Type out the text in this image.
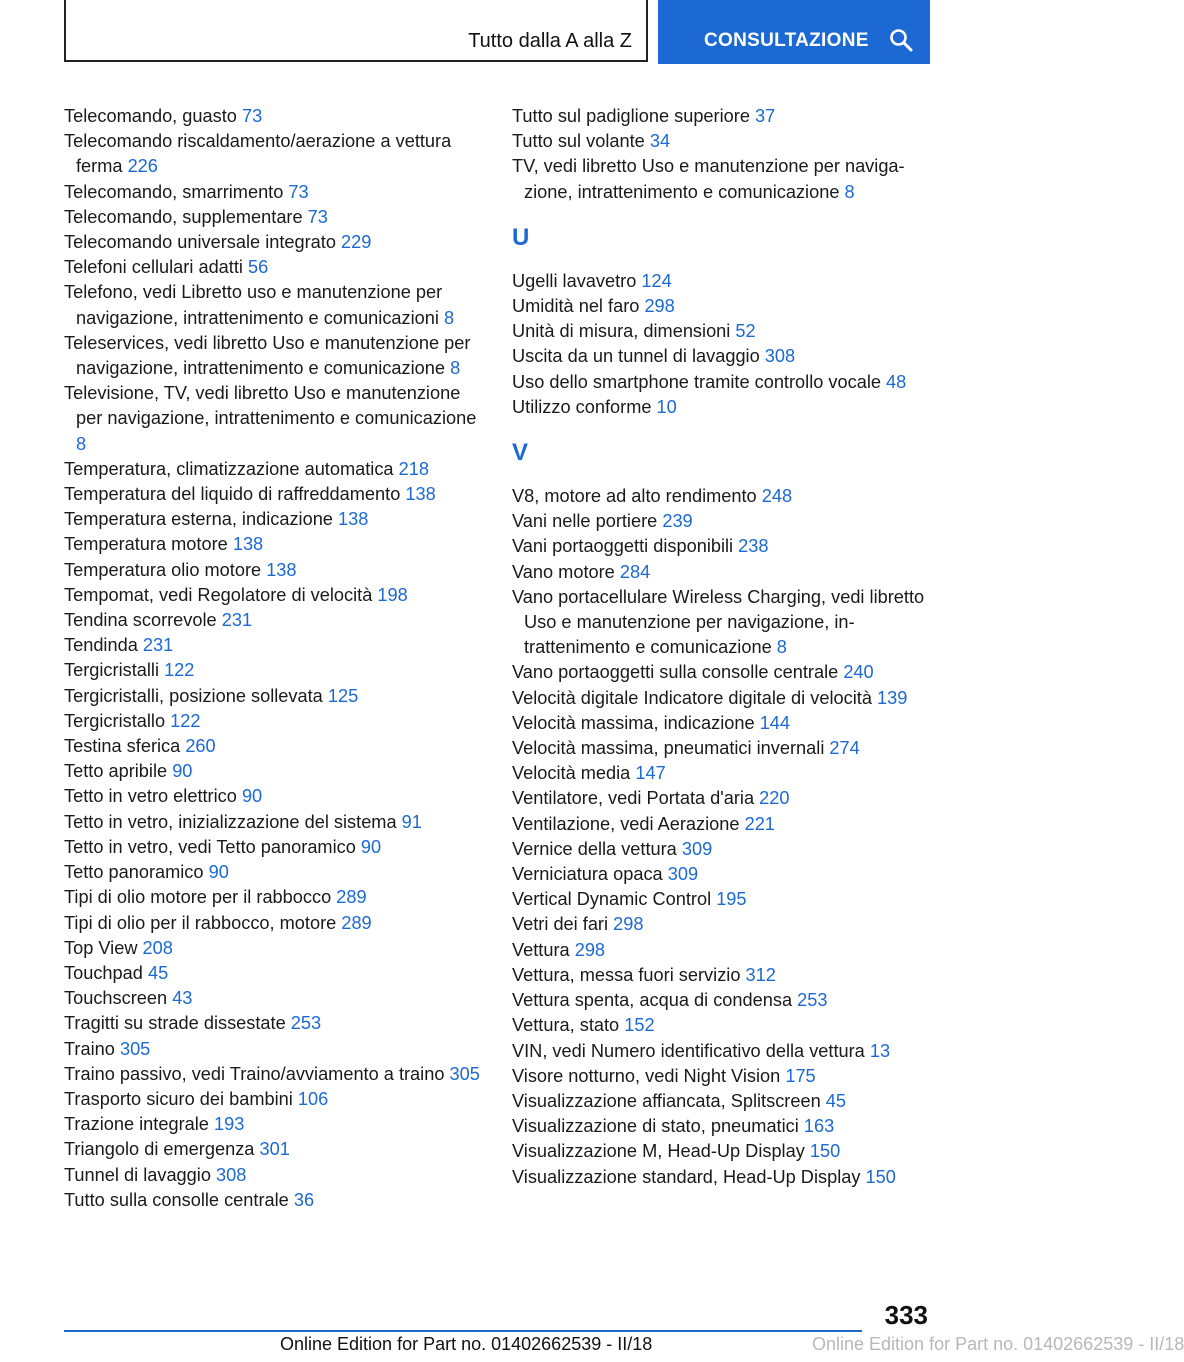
Tutto dalla A alla Z	CONSULTAZIONE
Telecomando, guasto 73
Telecomando riscaldamento/aerazione a vettura ferma 226
Telecomando, smarrimento 73
Telecomando, supplementare 73
Telecomando universale integrato 229
Telefoni cellulari adatti 56
Telefono, vedi Libretto uso e manutenzione per navigazione, intrattenimento e comunicazioni 8
Teleservices, vedi libretto Uso e manutenzione per navigazione, intrattenimento e comunicazione 8
Televisione, TV, vedi libretto Uso e manutenzione per navigazione, intrattenimento e comunicazione 8
Temperatura, climatizzazione automatica 218
Temperatura del liquido di raffreddamento 138
Temperatura esterna, indicazione 138
Temperatura motore 138
Temperatura olio motore 138
Tempomat, vedi Regolatore di velocità 198
Tendina scorrevole 231
Tendinda 231
Tergicristalli 122
Tergicristalli, posizione sollevata 125
Tergicristallo 122
Testina sferica 260
Tetto apribile 90
Tetto in vetro elettrico 90
Tetto in vetro, inizializzazione del sistema 91
Tetto in vetro, vedi Tetto panoramico 90
Tetto panoramico 90
Tipi di olio motore per il rabbocco 289
Tipi di olio per il rabbocco, motore 289
Top View 208
Touchpad 45
Touchscreen 43
Tragitti su strade dissestate 253
Traino 305
Traino passivo, vedi Traino/avviamento a traino 305
Trasporto sicuro dei bambini 106
Trazione integrale 193
Triangolo di emergenza 301
Tunnel di lavaggio 308
Tutto sulla consolle centrale 36
Tutto sul padiglione superiore 37
Tutto sul volante 34
TV, vedi libretto Uso e manutenzione per navigazione, intrattenimento e comunicazione 8
U
Ugelli lavavetro 124
Umidità nel faro 298
Unità di misura, dimensioni 52
Uscita da un tunnel di lavaggio 308
Uso dello smartphone tramite controllo vocale 48
Utilizzo conforme 10
V
V8, motore ad alto rendimento 248
Vani nelle portiere 239
Vani portaoggetti disponibili 238
Vano motore 284
Vano portacellulare Wireless Charging, vedi libretto Uso e manutenzione per navigazione, intrattenimento e comunicazione 8
Vano portaoggetti sulla consolle centrale 240
Velocità digitale Indicatore digitale di velocità 139
Velocità massima, indicazione 144
Velocità massima, pneumatici invernali 274
Velocità media 147
Ventilatore, vedi Portata d'aria 220
Ventilazione, vedi Aerazione 221
Vernice della vettura 309
Verniciatura opaca 309
Vertical Dynamic Control 195
Vetri dei fari 298
Vettura 298
Vettura, messa fuori servizio 312
Vettura spenta, acqua di condensa 253
Vettura, stato 152
VIN, vedi Numero identificativo della vettura 13
Visore notturno, vedi Night Vision 175
Visualizzazione affiancata, Splitscreen 45
Visualizzazione di stato, pneumatici 163
Visualizzazione M, Head-Up Display 150
Visualizzazione standard, Head-Up Display 150
333
Online Edition for Part no. 01402662539 - II/18	Online Edition for Part no. 01402662539 - II/18
